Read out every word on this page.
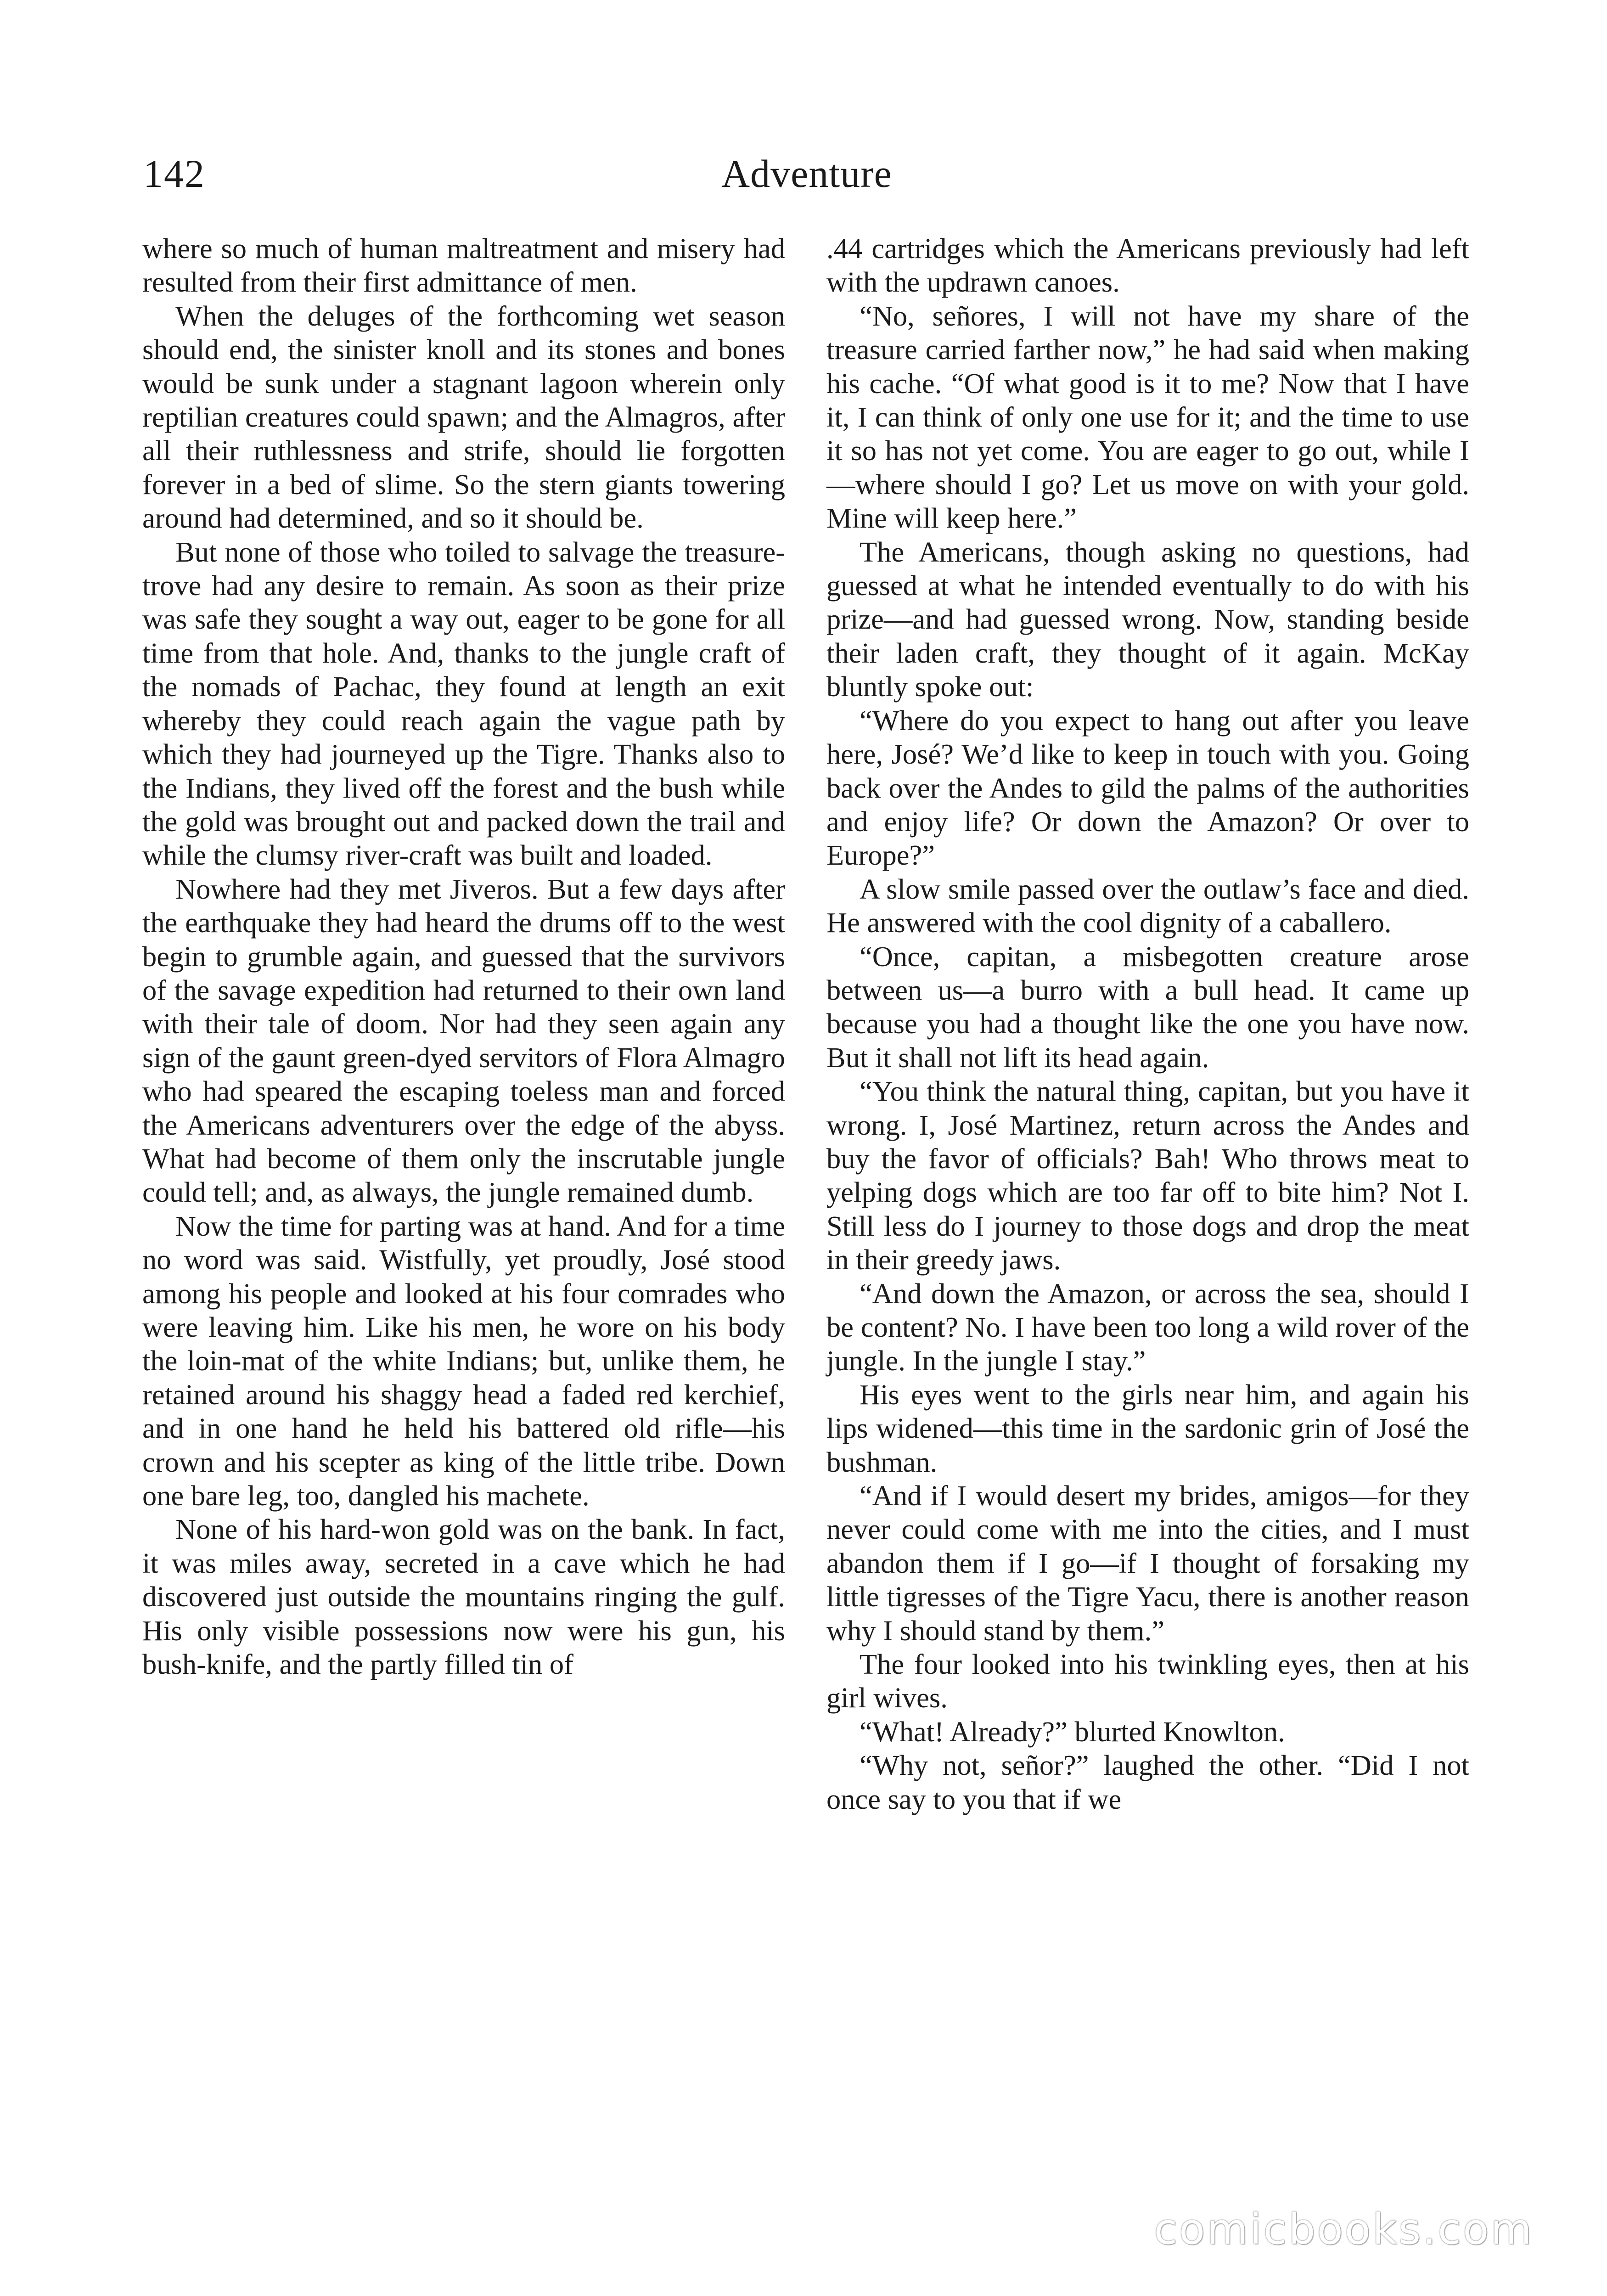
142	Adventure

where so much of human maltreatment and misery had resulted from their first admittance of men.

When the deluges of the forthcoming wet season should end, the sinister knoll and its stones and bones would be sunk under a stagnant lagoon wherein only reptilian creatures could spawn; and the Almagros, after all their ruthlessness and strife, should lie forgotten forever in a bed of slime. So the stern giants towering around had determined, and so it should be.

But none of those who toiled to salvage the treasure-trove had any desire to remain. As soon as their prize was safe they sought a way out, eager to be gone for all time from that hole. And, thanks to the jungle craft of the nomads of Pachac, they found at length an exit whereby they could reach again the vague path by which they had journeyed up the Tigre. Thanks also to the Indians, they lived off the forest and the bush while the gold was brought out and packed down the trail and while the clumsy river-craft was built and loaded.

Nowhere had they met Jiveros. But a few days after the earthquake they had heard the drums off to the west begin to grumble again, and guessed that the survivors of the savage expedition had returned to their own land with their tale of doom. Nor had they seen again any sign of the gaunt green-dyed servitors of Flora Almagro who had speared the escaping toeless man and forced the Americans adventurers over the edge of the abyss. What had become of them only the inscrutable jungle could tell; and, as always, the jungle remained dumb.

Now the time for parting was at hand. And for a time no word was said. Wistfully, yet proudly, José stood among his people and looked at his four comrades who were leaving him. Like his men, he wore on his body the loin-mat of the white Indians; but, unlike them, he retained around his shaggy head a faded red kerchief, and in one hand he held his battered old rifle—his crown and his scepter as king of the little tribe. Down one bare leg, too, dangled his machete.

None of his hard-won gold was on the bank. In fact, it was miles away, secreted in a cave which he had discovered just outside the mountains ringing the gulf. His only visible possessions now were his gun, his bush-knife, and the partly filled tin of

.44 cartridges which the Americans previously had left with the updrawn canoes.

“No, señores, I will not have my share of the treasure carried farther now,” he had said when making his cache. “Of what good is it to me? Now that I have it, I can think of only one use for it; and the time to use it so has not yet come. You are eager to go out, while I—where should I go? Let us move on with your gold. Mine will keep here.”

The Americans, though asking no questions, had guessed at what he intended eventually to do with his prize—and had guessed wrong. Now, standing beside their laden craft, they thought of it again. McKay bluntly spoke out:

“Where do you expect to hang out after you leave here, José? We’d like to keep in touch with you. Going back over the Andes to gild the palms of the authorities and enjoy life? Or down the Amazon? Or over to Europe?”

A slow smile passed over the outlaw’s face and died. He answered with the cool dignity of a caballero.

“Once, capitan, a misbegotten creature arose between us—a burro with a bull head. It came up because you had a thought like the one you have now. But it shall not lift its head again.

“You think the natural thing, capitan, but you have it wrong. I, José Martinez, return across the Andes and buy the favor of officials? Bah! Who throws meat to yelping dogs which are too far off to bite him? Not I. Still less do I journey to those dogs and drop the meat in their greedy jaws.

“And down the Amazon, or across the sea, should I be content? No. I have been too long a wild rover of the jungle. In the jungle I stay.”

His eyes went to the girls near him, and again his lips widened—this time in the sardonic grin of José the bushman.

“And if I would desert my brides, amigos—for they never could come with me into the cities, and I must abandon them if I go—if I thought of forsaking my little tigresses of the Tigre Yacu, there is another reason why I should stand by them.”

The four looked into his twinkling eyes, then at his girl wives.

“What! Already?” blurted Knowlton.

“Why not, señor?” laughed the other. “Did I not once say to you that if we

comicbooks.com
